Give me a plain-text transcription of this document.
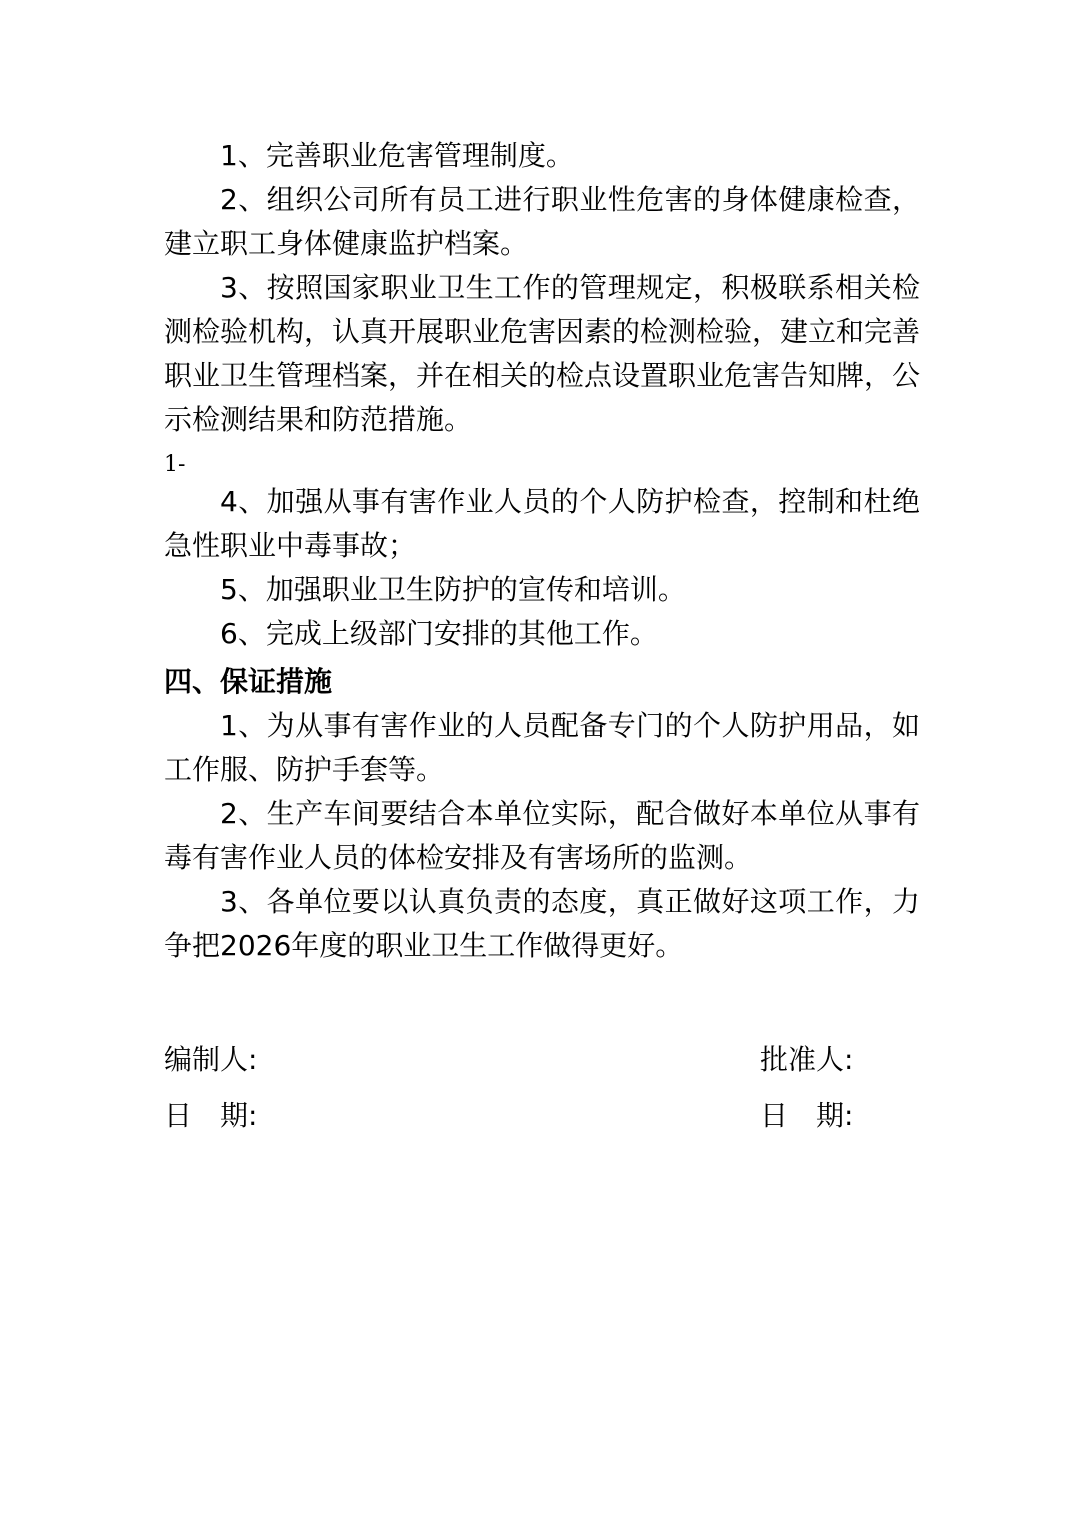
1、完善职业危害管理制度。

2、组织公司所有员工进行职业性危害的身体健康检查，建立职工身体健康监护档案。

3、按照国家职业卫生工作的管理规定，积极联系相关检测检验机构，认真开展职业危害因素的检测检验，建立和完善职业卫生管理档案，并在相关的检点设置职业危害告知牌，公示检测结果和防范措施。

1-

4、加强从事有害作业人员的个人防护检查，控制和杜绝急性职业中毒事故；

5、加强职业卫生防护的宣传和培训。

6、完成上级部门安排的其他工作。

四、保证措施

1、为从事有害作业的人员配备专门的个人防护用品，如工作服、防护手套等。

2、生产车间要结合本单位实际，配合做好本单位从事有毒有害作业人员的体检安排及有害场所的监测。

3、各单位要以认真负责的态度，真正做好这项工作，力争把2026年度的职业卫生工作做得更好。

编制人:	批准人:
日 期:	日 期:
